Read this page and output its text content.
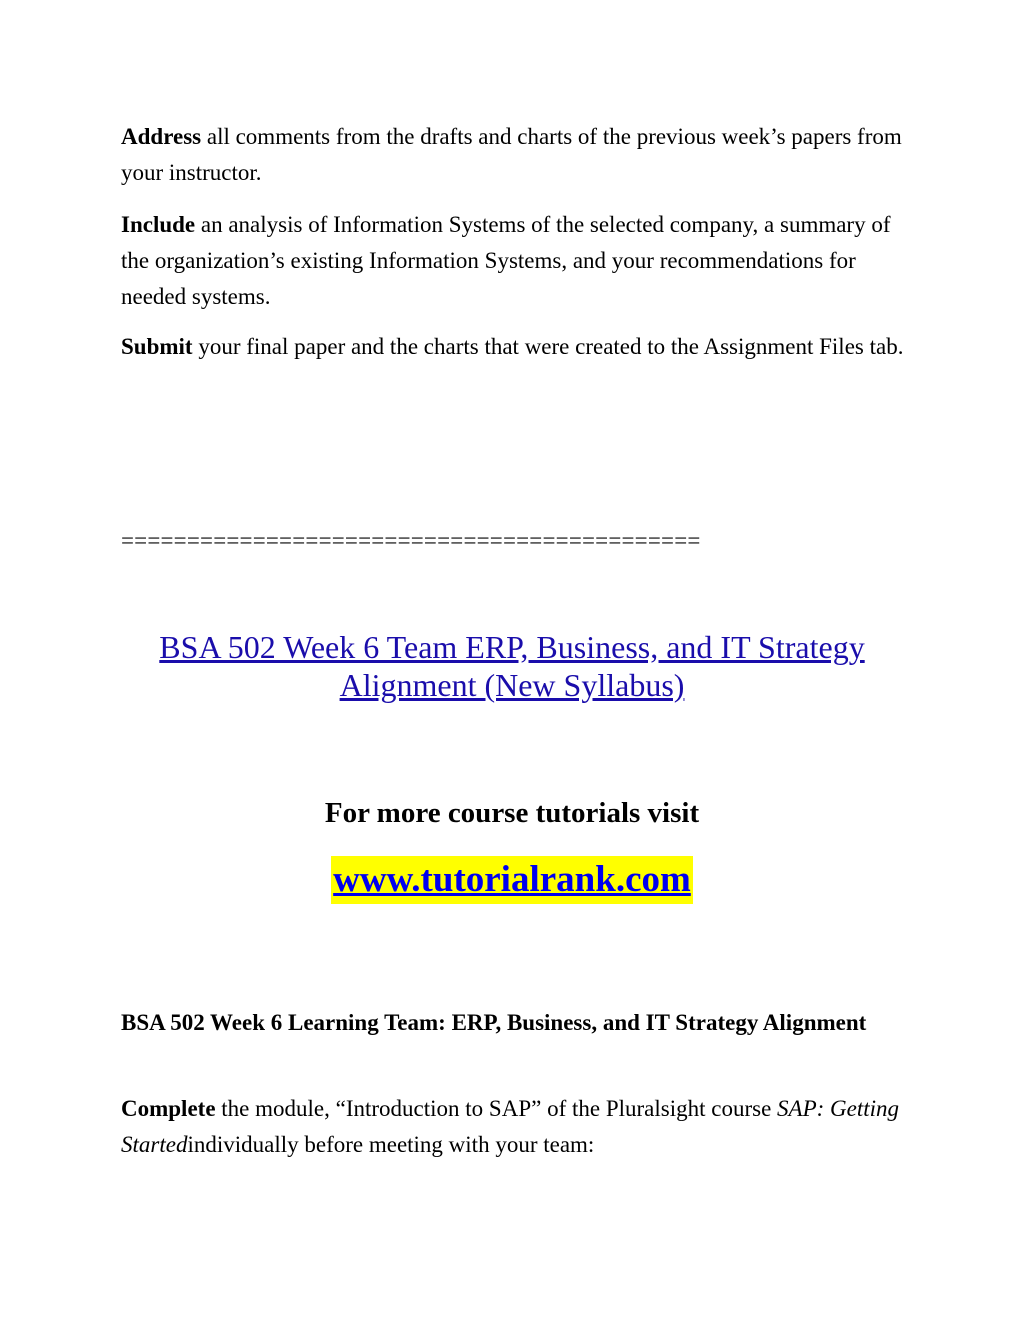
Address all comments from the drafts and charts of the previous week’s papers from your instructor.

Include an analysis of Information Systems of the selected company, a summary of the organization’s existing Information Systems, and your recommendations for needed systems.

Submit your final paper and the charts that were created to the Assignment Files tab.

============================================
BSA 502 Week 6 Team ERP, Business, and IT Strategy Alignment (New Syllabus)
For more course tutorials visit
www.tutorialrank.com

BSA 502 Week 6 Learning Team: ERP, Business, and IT Strategy Alignment

Complete the module, “Introduction to SAP” of the Pluralsight course SAP: Getting Startedindividually before meeting with your team:
